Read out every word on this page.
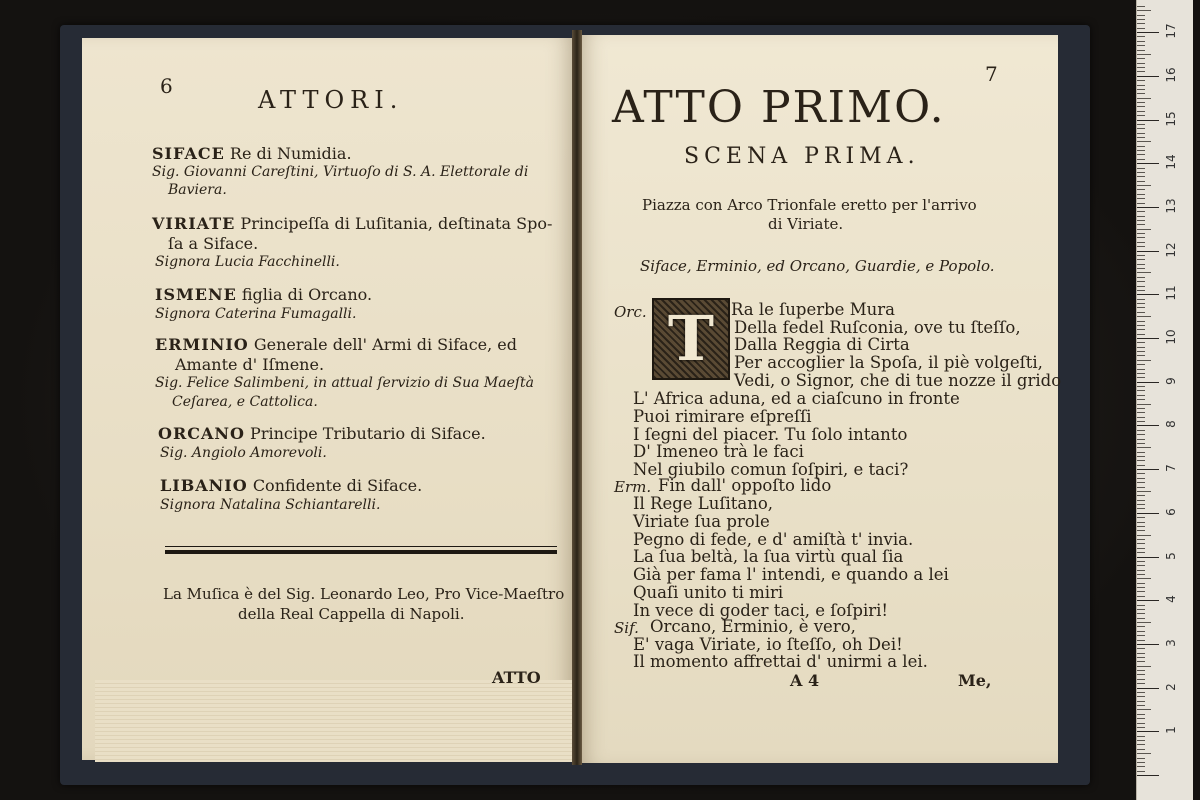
6	ATTORI.
SIFACE Re di Numidia.
Sig. Giovanni Careſtini, Virtuoſo di S. A. Elettorale di
Baviera.
VIRIATE Principeſſa di Luſitania, deſtinata Spo-
ſa a Siface.
Signora Lucia Facchinelli.
ISMENE figlia di Orcano.
Signora Caterina Fumagalli.
ERMINIO Generale dell' Armi di Siface, ed
Amante d' Iſmene.
Sig. Felice Salimbeni, in attual ſervizio di Sua Maeſtà
Ceſarea, e Cattolica.
ORCANO Principe Tributario di Siface.
Sig. Angiolo Amorevoli.
LIBANIO Confidente di Siface.
Signora Natalina Schiantarelli.
La Muſica è del Sig. Leonardo Leo, Pro Vice-Maeſtro
della Real Cappella di Napoli.
ATTO
7
ATTO PRIMO.
SCENA PRIMA.
Piazza con Arco Trionfale eretto per l'arrivo
di Viriate.
Siface, Erminio, ed Orcano, Guardie, e Popolo.
T
Orc.	Ra le ſuperbe Mura
Della fedel Ruſconia, ove tu ſteſſo,
Dalla Reggia di Cirta
Per accoglier la Spoſa, il piè volgeſti,
Vedi, o Signor, che di tue nozze il grido
L' Africa aduna, ed a ciaſcuno in fronte
Puoi rimirare eſpreſſi
I ſegni del piacer. Tu ſolo intanto
D' Imeneo trà le faci
Nel giubilo comun ſoſpiri, e taci?
Erm. Fin dall' oppoſto lido
Il Rege Luſitano,
Viriate ſua prole
Pegno di fede, e d' amiſtà t' invia.
La ſua beltà, la ſua virtù qual ſia
Già per fama l' intendi, e quando a lei
Quaſi unito ti miri
In vece di goder taci, e ſoſpiri!
Sif. Orcano, Erminio, è vero,
E' vaga Viriate, io ſteſſo, oh Dei!
Il momento affrettai d' unirmi a lei.
A 4	Me,
1
2
3
4
5
6
7
8
9
10
11
12
13
14
15
16
17
